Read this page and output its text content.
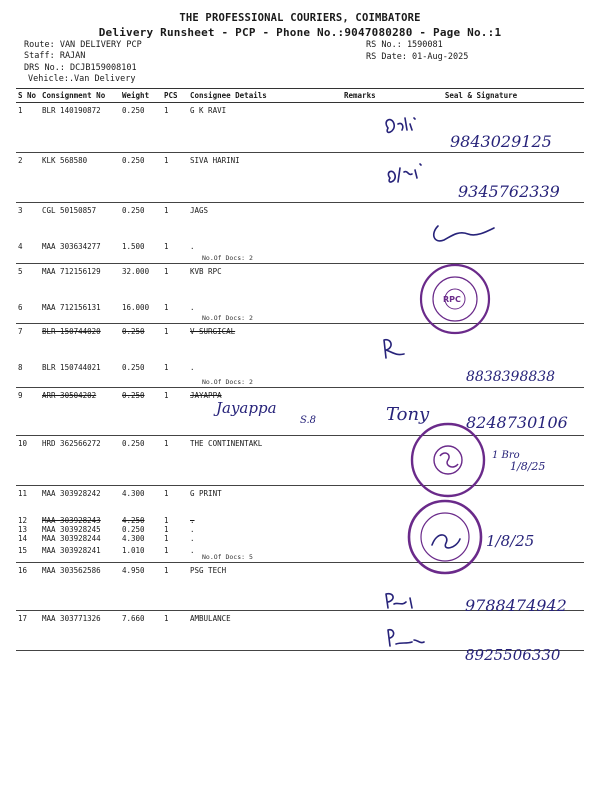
THE PROFESSIONAL COURIERS, COIMBATORE
Delivery Runsheet - PCP - Phone No.:9047080280 - Page No.:1
Route: VAN DELIVERY PCP
Staff: RAJAN
DRS No.: DCJB159008101
Vehicle:.Van Delivery
RS No.: 1590081
RS Date: 01-Aug-2025
S No	Consignment No	Weight	PCS	Consignee Details	Remarks	Seal & Signature

1	BLR 140190872	0.250	1	G K RAVI		

2	KLK 568580	0.250	1	SIVA HARINI		

3	CGL 50150857	0.250	1	JAGS		

4	MAA 303634277	1.500	1	.
No.Of Docs: 2		

5	MAA 712156129	32.000	1	KVB RPC		

6	MAA 712156131	16.000	1	.
No.Of Docs: 2		

7	BLR 150744020	0.250	1	V SURGICAL		

8	BLR 150744021	0.250	1	.
No.Of Docs: 2		

9	ARR 30504202	0.250	1	JAYAPPA		

10	HRD 362566272	0.250	1	THE CONTINENTAKL		

11	MAA 303928242	4.300	1	G PRINT		

12	MAA 303928243	4.250	1	.		

13	MAA 303928245	0.250	1	.		

14	MAA 303928244	4.300	1	.		

15	MAA 303928241	1.010	1	.
No.Of Docs: 5		

16	MAA 303562586	4.950	1	PSG TECH		

17	MAA 303771326	7.660	1	AMBULANCE		

9843029125
9345762339
RPC
8838398838
Jayappa
S.8	Tony 8248730106
1 Bro
1/8/25
1/8/25
9788474942
8925506330
